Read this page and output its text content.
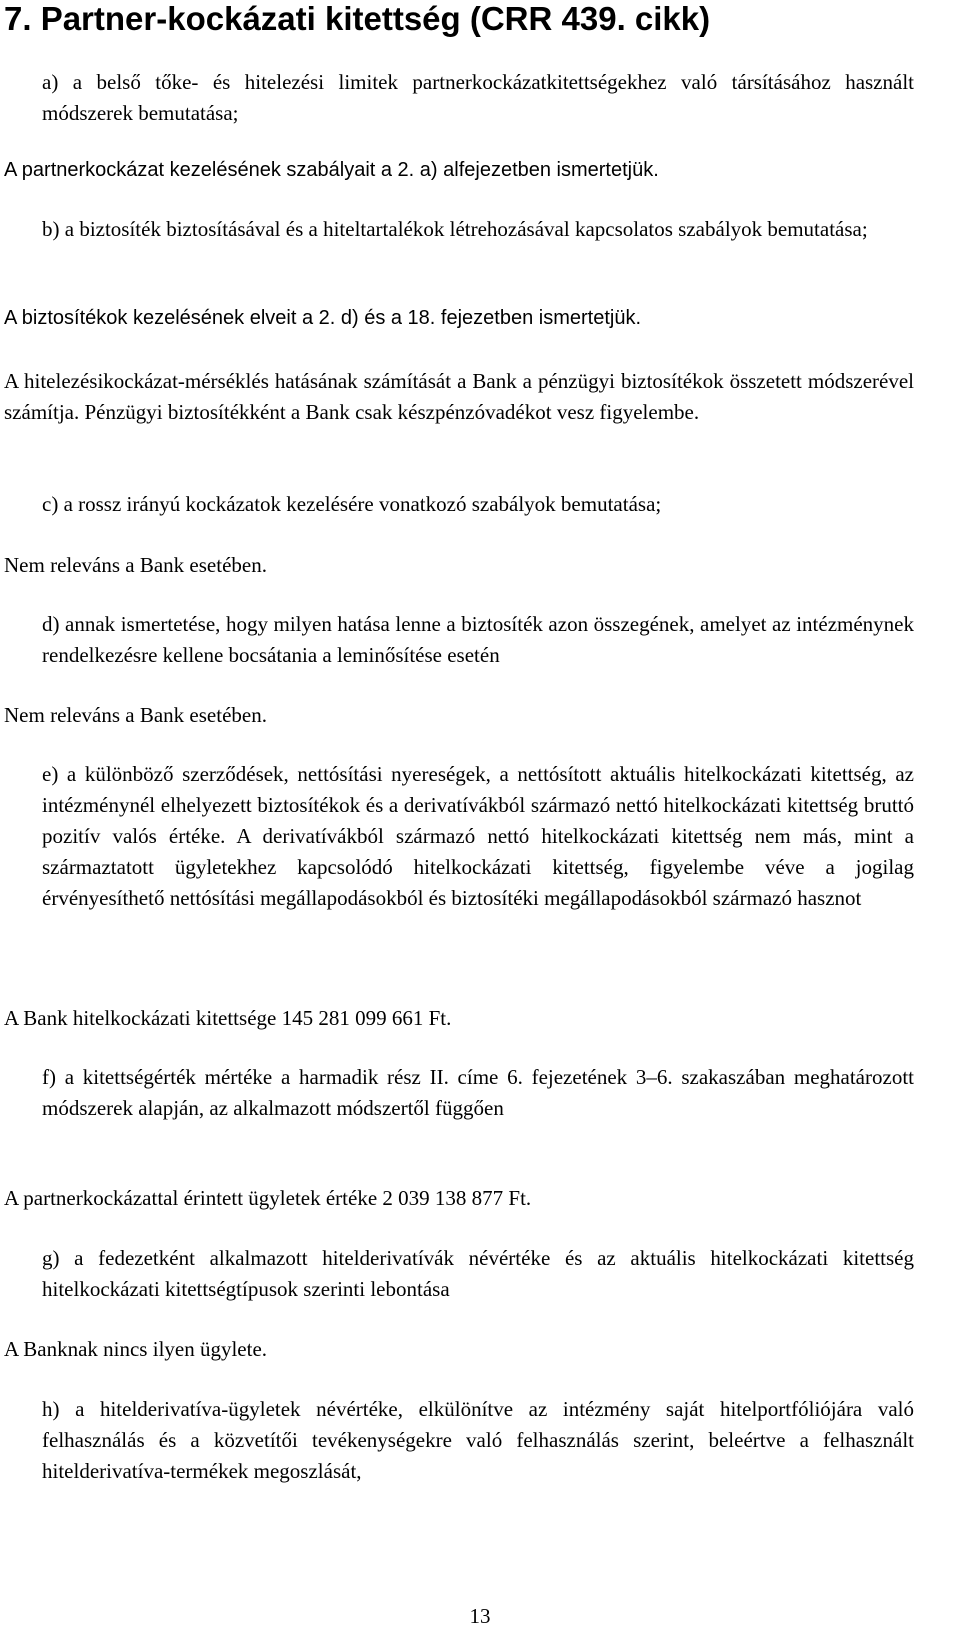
7. Partner-kockázati kitettség (CRR 439. cikk)

a) a belső tőke- és hitelezési limitek partnerkockázatkitettségekhez való társításához használt módszerek bemutatása;

A partnerkockázat kezelésének szabályait a 2. a) alfejezetben ismertetjük.

b) a biztosíték biztosításával és a hiteltartalékok létrehozásával kapcsolatos szabályok bemutatása;

A biztosítékok kezelésének elveit a 2. d) és a 18. fejezetben ismertetjük.

A hitelezésikockázat-mérséklés hatásának számítását a Bank a pénzügyi biztosítékok összetett módszerével számítja. Pénzügyi biztosítékként a Bank csak készpénzóvadékot vesz figyelembe.

c) a rossz irányú kockázatok kezelésére vonatkozó szabályok bemutatása;

Nem releváns a Bank esetében.

d) annak ismertetése, hogy milyen hatása lenne a biztosíték azon összegének, amelyet az intézménynek rendelkezésre kellene bocsátania a leminősítése esetén

Nem releváns a Bank esetében.

e) a különböző szerződések, nettósítási nyereségek, a nettósított aktuális hitelkockázati kitettség, az intézménynél elhelyezett biztosítékok és a derivatívákból származó nettó hitelkockázati kitettség bruttó pozitív valós értéke. A derivatívákból származó nettó hitelkockázati kitettség nem más, mint a származtatott ügyletekhez kapcsolódó hitelkockázati kitettség, figyelembe véve a jogilag érvényesíthető nettósítási megállapodásokból és biztosítéki megállapodásokból származó hasznot

A Bank hitelkockázati kitettsége 145 281 099 661 Ft.

f) a kitettségérték mértéke a harmadik rész II. címe 6. fejezetének 3–6. szakaszában meghatározott módszerek alapján, az alkalmazott módszertől függően

A partnerkockázattal érintett ügyletek értéke 2 039 138 877 Ft.

g) a fedezetként alkalmazott hitelderivatívák névértéke és az aktuális hitelkockázati kitettség hitelkockázati kitettségtípusok szerinti lebontása

A Banknak nincs ilyen ügylete.

h) a hitelderivatíva-ügyletek névértéke, elkülönítve az intézmény saját hitelportfóliójára való felhasználás és a közvetítői tevékenységekre való felhasználás szerint, beleértve a felhasznált hitelderivatíva-termékek megoszlását,

13
